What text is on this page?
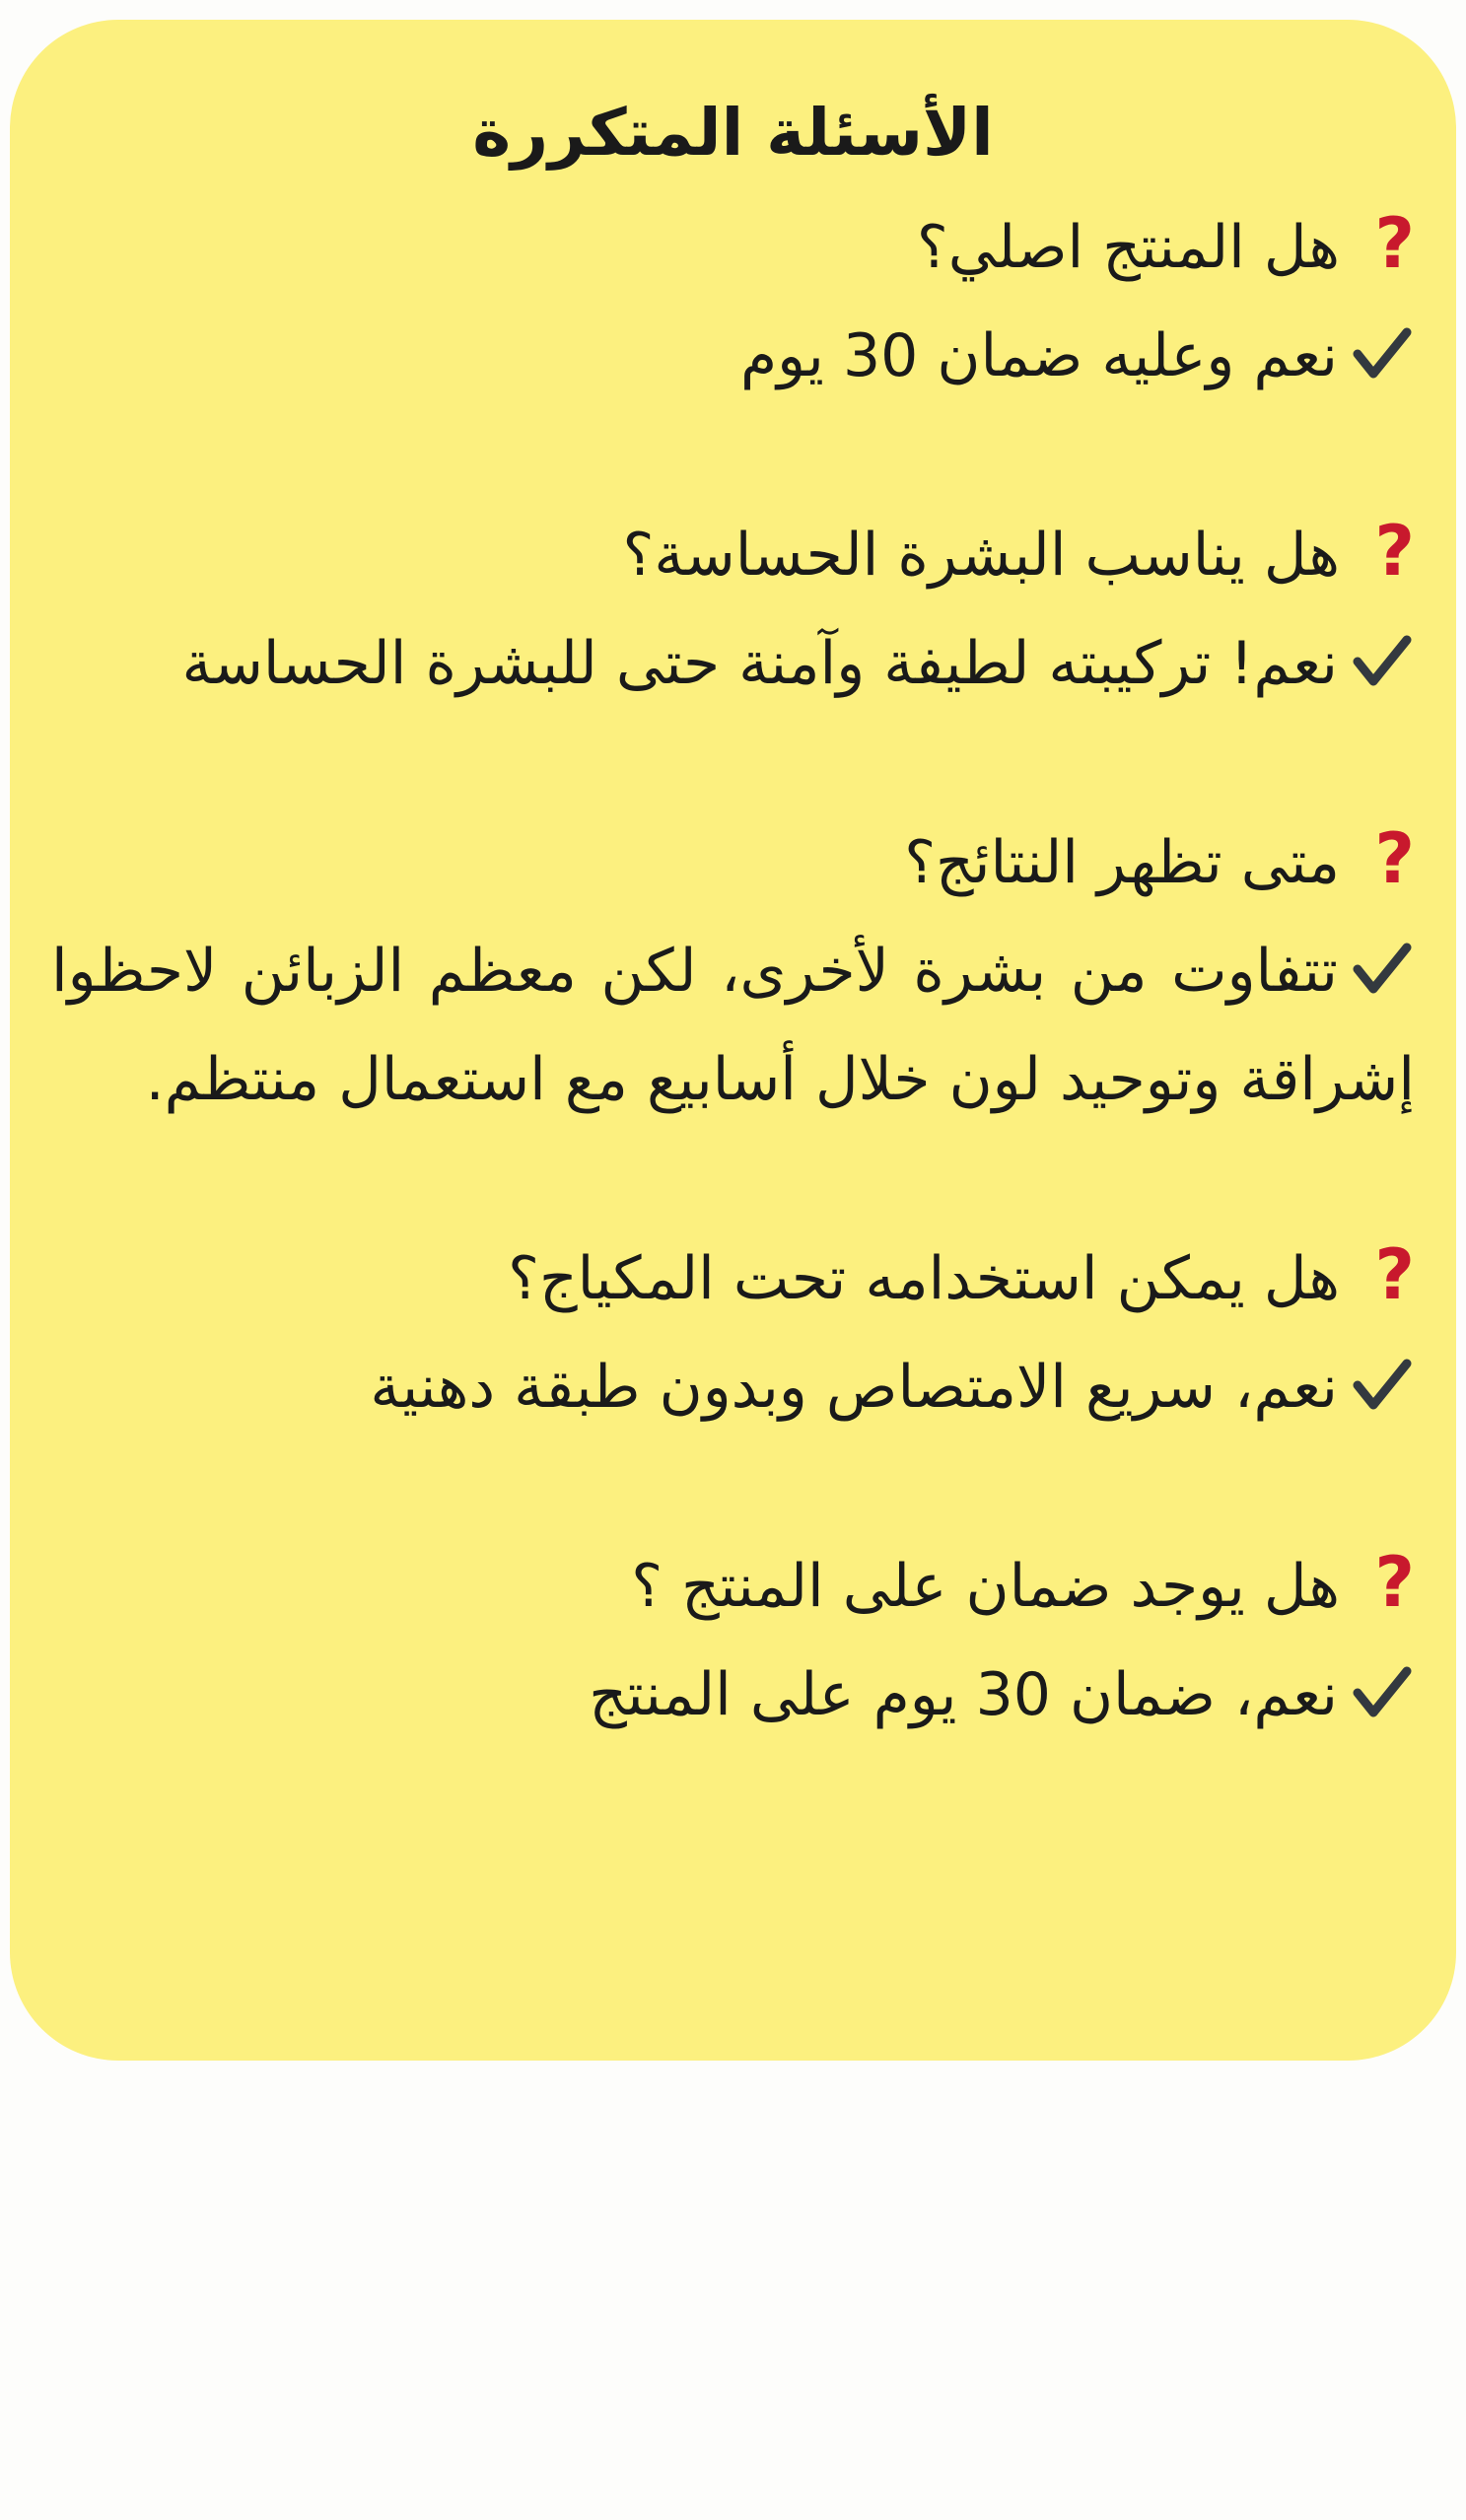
الأسئلة المتكررة

?هل المنتج اصلي؟

نعم وعليه ضمان 30 يوم

?هل يناسب البشرة الحساسة؟

نعم! تركيبته لطيفة وآمنة حتى للبشرة الحساسة

?متى تظهر النتائج؟

تتفاوت من بشرة لأخرى، لكن معظم الزبائن لاحظوا إشراقة وتوحيد لون خلال أسابيع مع استعمال منتظم.

?هل يمكن استخدامه تحت المكياج؟

نعم، سريع الامتصاص وبدون طبقة دهنية

?هل يوجد ضمان على المنتج ؟

نعم، ضمان 30 يوم على المنتج
